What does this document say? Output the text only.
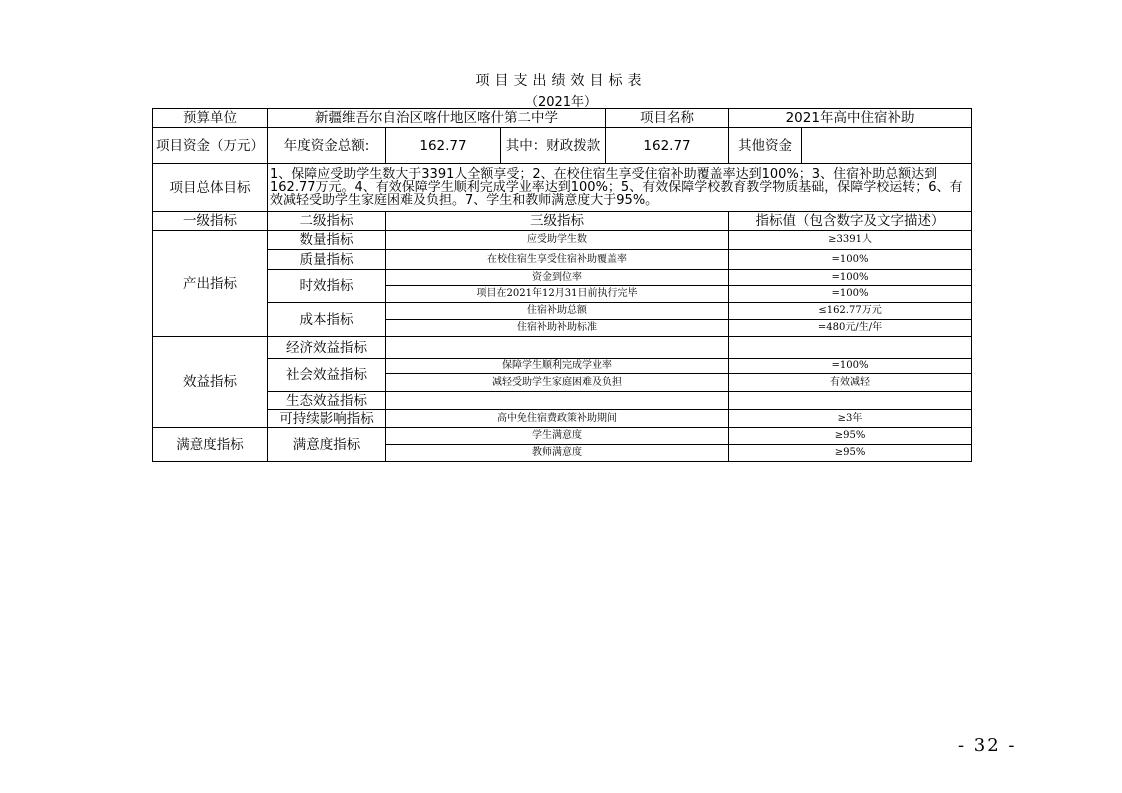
项目支出绩效目标表
（2021年）
预算单位	新疆维吾尔自治区喀什地区喀什第二中学			项目名称	2021年高中住宿补助	
项目资金（万元）	年度资金总额:	162.77	其中：财政拨款	162.77	其他资金	
项目总体目标	1、保障应受助学生数大于3391人全额享受；2、在校住宿生享受住宿补助覆盖率达到100%；3、住宿补助总额达到162.77万元。4、有效保障学生顺利完成学业率达到100%；5、有效保障学校教育教学物质基础，保障学校运转；6、有效减轻受助学生家庭困难及负担。7、学生和教师满意度大于95%。					
一级指标	二级指标	三级指标			指标值（包含数字及文字描述）	
产出指标	数量指标	应受助学生数			≥3391人	
	质量指标	在校住宿生享受住宿补助覆盖率			=100%	
	时效指标	资金到位率			=100%	
		项目在2021年12月31日前执行完毕			=100%	
	成本指标	住宿补助总额			≤162.77万元	
		住宿补助补助标准			=480元/生/年	
效益指标	经济效益指标					
	社会效益指标	保障学生顺利完成学业率			=100%	
		减轻受助学生家庭困难及负担			有效减轻	
	生态效益指标					
	可持续影响指标	高中免住宿费政策补助期间			≥3年	
满意度指标	满意度指标	学生满意度			≥95%	
		教师满意度			≥95%	
- 32 -
